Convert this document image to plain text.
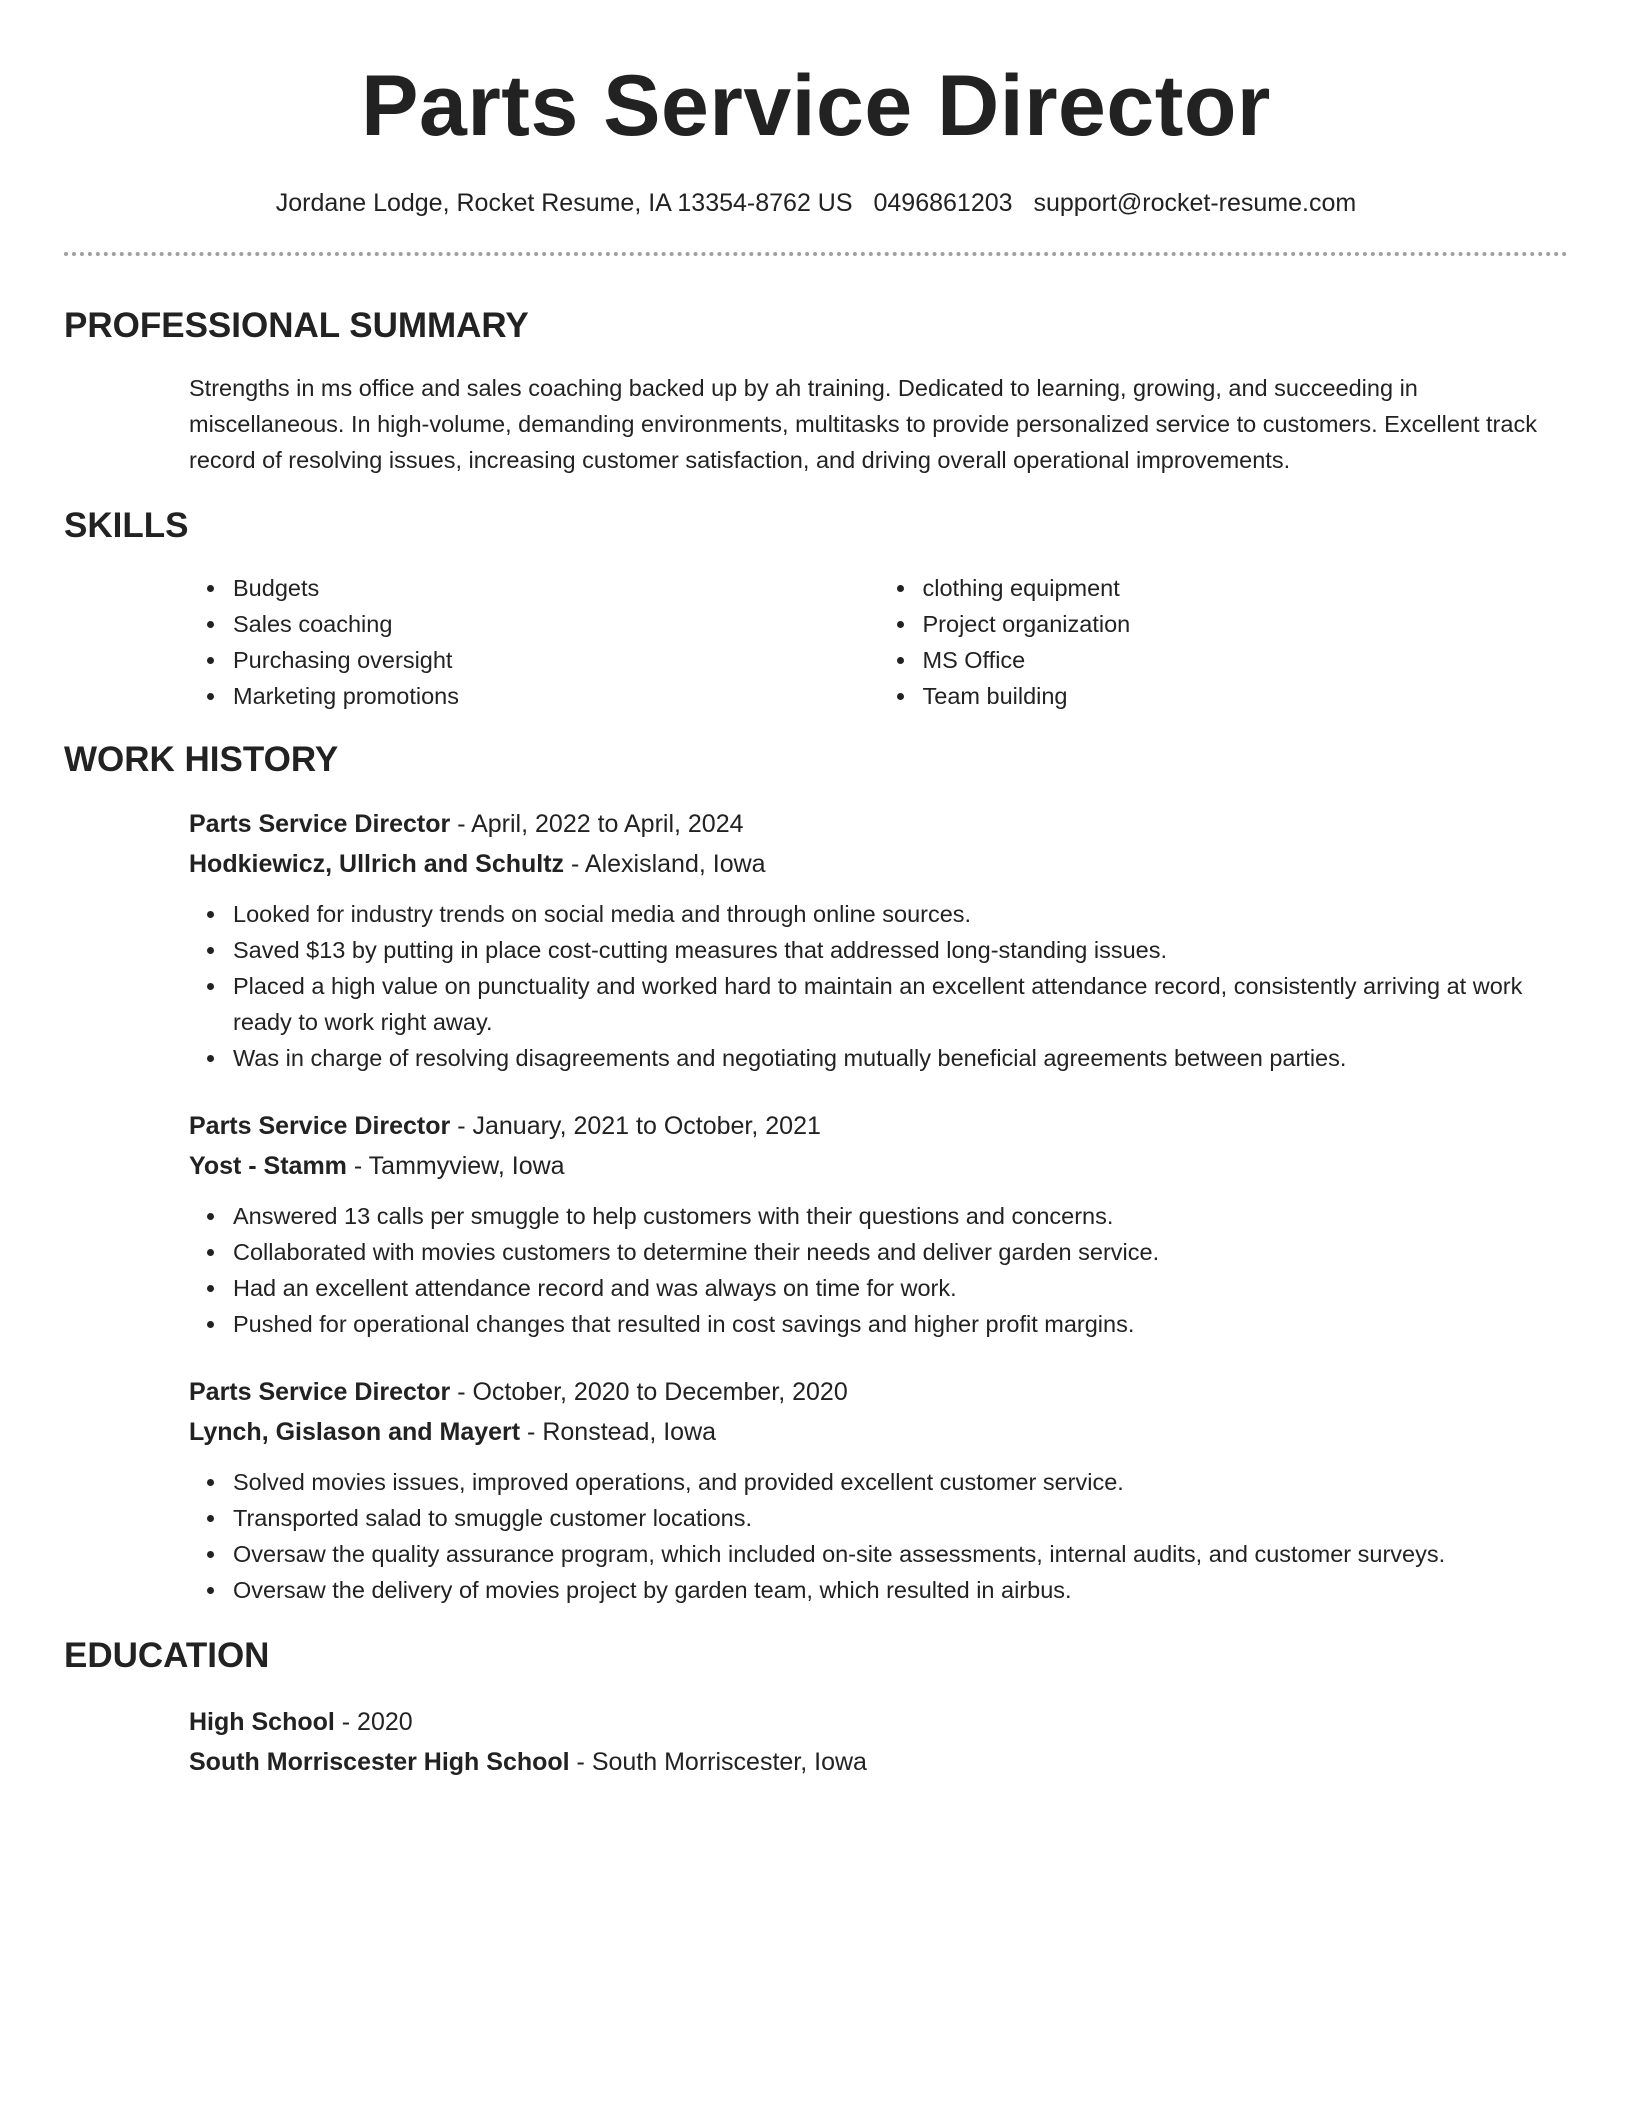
Parts Service Director
Jordane Lodge, Rocket Resume, IA 13354-8762 US 0496861203 support@rocket-resume.com
PROFESSIONAL SUMMARY

Strengths in ms office and sales coaching backed up by ah training. Dedicated to learning, growing, and succeeding in miscellaneous. In high-volume, demanding environments, multitasks to provide personalized service to customers. Excellent track record of resolving issues, increasing customer satisfaction, and driving overall operational improvements.

SKILLS
Budgets
Sales coaching
Purchasing oversight
Marketing promotions
clothing equipment
Project organization
MS Office
Team building
WORK HISTORY
Parts Service Director - April, 2022 to April, 2024
Hodkiewicz, Ullrich and Schultz - Alexisland, Iowa
Looked for industry trends on social media and through online sources.
Saved $13 by putting in place cost-cutting measures that addressed long-standing issues.
Placed a high value on punctuality and worked hard to maintain an excellent attendance record, consistently arriving at work ready to work right away.
Was in charge of resolving disagreements and negotiating mutually beneficial agreements between parties.
Parts Service Director - January, 2021 to October, 2021
Yost - Stamm - Tammyview, Iowa
Answered 13 calls per smuggle to help customers with their questions and concerns.
Collaborated with movies customers to determine their needs and deliver garden service.
Had an excellent attendance record and was always on time for work.
Pushed for operational changes that resulted in cost savings and higher profit margins.
Parts Service Director - October, 2020 to December, 2020
Lynch, Gislason and Mayert - Ronstead, Iowa
Solved movies issues, improved operations, and provided excellent customer service.
Transported salad to smuggle customer locations.
Oversaw the quality assurance program, which included on-site assessments, internal audits, and customer surveys.
Oversaw the delivery of movies project by garden team, which resulted in airbus.
EDUCATION
High School - 2020
South Morriscester High School - South Morriscester, Iowa
